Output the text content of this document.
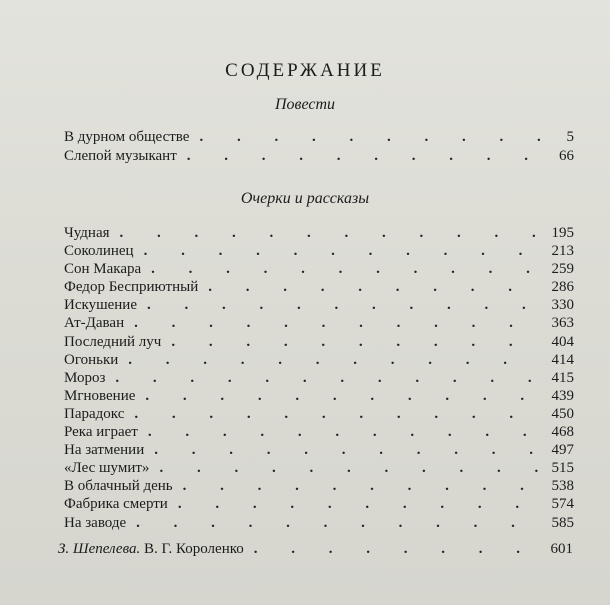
СОДЕРЖАНИЕ
Повести
В дурном обществе . . .	5
Слепой музыкант . . .	66
Очерки и рассказы
Чудная . . .	195
Соколинец . . .	213
Сон Макара . . .	259
Федор Бесприютный . . .	286
Искушение . . .	330
Ат-Даван . . .	363
Последний луч . . .	404
Огоньки . . .	414
Мороз . . .	415
Мгновение . . .	439
Парадокс . . .	450
Река играет . . .	468
На затмении . . .	497
«Лес шумит» . . .	515
В облачный день . . .	538
Фабрика смерти . . .	574
На заводе . . .	585
З. Шепелева. В. Г. Короленко . . .	601
